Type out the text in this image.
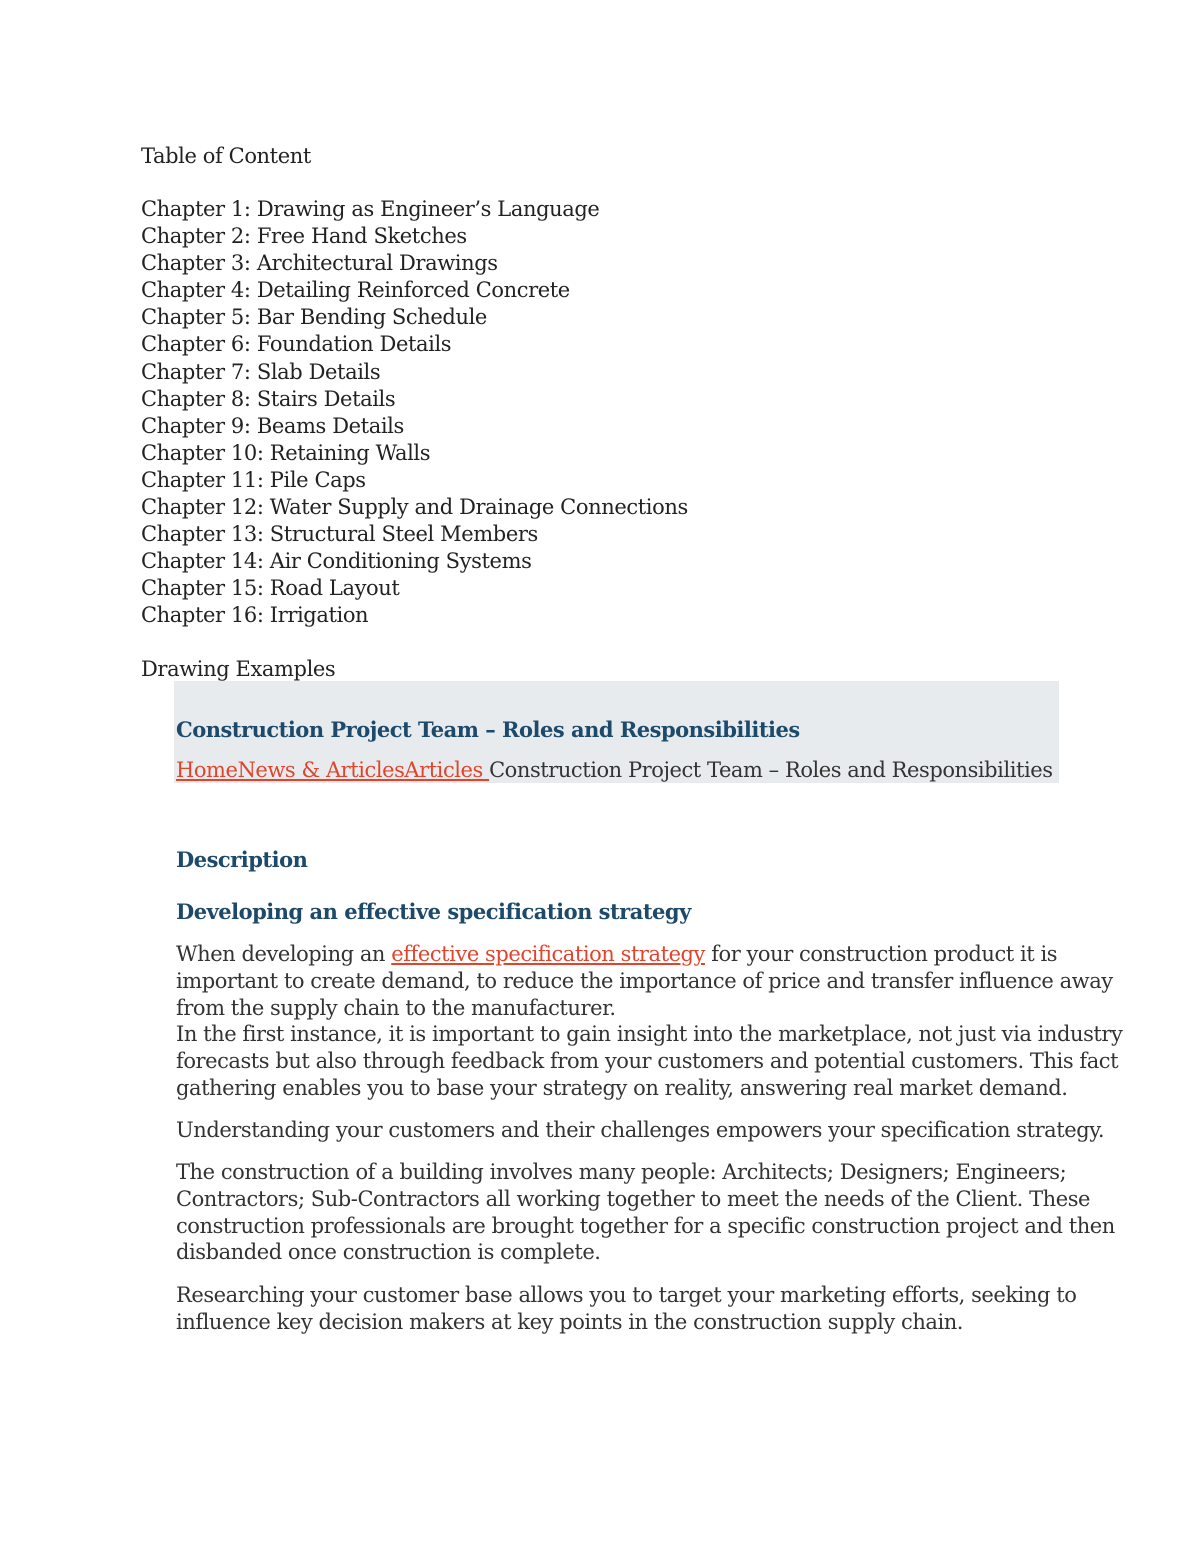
Table of Content
Chapter 1: Drawing as Engineer’s Language
Chapter 2: Free Hand Sketches
Chapter 3: Architectural Drawings
Chapter 4: Detailing Reinforced Concrete
Chapter 5: Bar Bending Schedule
Chapter 6: Foundation Details
Chapter 7: Slab Details
Chapter 8: Stairs Details
Chapter 9: Beams Details
Chapter 10: Retaining Walls
Chapter 11: Pile Caps
Chapter 12: Water Supply and Drainage Connections
Chapter 13: Structural Steel Members
Chapter 14: Air Conditioning Systems
Chapter 15: Road Layout
Chapter 16: Irrigation
Drawing Examples
Construction Project Team – Roles and Responsibilities
HomeNews & ArticlesArticles Construction Project Team – Roles and Responsibilities
Description
Developing an effective specification strategy
When developing an effective specification strategy for your construction product it is
important to create demand, to reduce the importance of price and transfer influence away
from the supply chain to the manufacturer.
In the first instance, it is important to gain insight into the marketplace, not just via industry
forecasts but also through feedback from your customers and potential customers. This fact
gathering enables you to base your strategy on reality, answering real market demand.
Understanding your customers and their challenges empowers your specification strategy.
The construction of a building involves many people: Architects; Designers; Engineers;
Contractors; Sub-Contractors all working together to meet the needs of the Client. These
construction professionals are brought together for a specific construction project and then
disbanded once construction is complete.
Researching your customer base allows you to target your marketing efforts, seeking to
influence key decision makers at key points in the construction supply chain.
